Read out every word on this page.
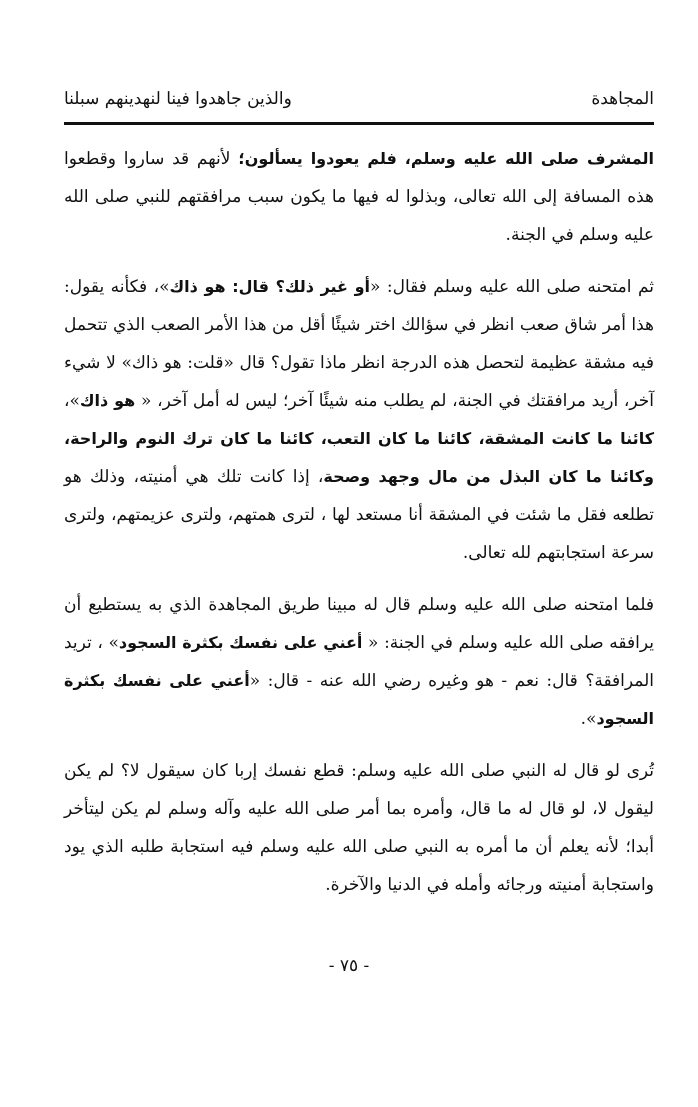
المجاهدة
والذين جاهدوا فينا لنهدينهم سبلنا

المشرف صلى الله عليه وسلم، فلم يعودوا يسألون؛ لأنهم قد ساروا وقطعوا هذه المسافة إلى الله تعالى، وبذلوا له فيها ما يكون سبب مرافقتهم للنبي صلى الله عليه وسلم في الجنة.

ثم امتحنه صلى الله عليه وسلم فقال: «أو غير ذلك؟ قال: هو ذاك»، فكأنه يقول: هذا أمر شاق صعب انظر في سؤالك اختر شيئًا أقل من هذا الأمر الصعب الذي تتحمل فيه مشقة عظيمة لتحصل هذه الدرجة انظر ماذا تقول؟ قال «قلت: هو ذاك» لا شيء آخر، أريد مرافقتك في الجنة، لم يطلب منه شيئًا آخر؛ ليس له أمل آخر، « هو ذاك»، كائنا ما كانت المشقة، كائنا ما كان التعب، كائنا ما كان ترك النوم والراحة، وكائنا ما كان البذل من مال وجهد وصحة، إذا كانت تلك هي أمنيته، وذلك هو تطلعه فقل ما شئت في المشقة أنا مستعد لها ، لترى همتهم، ولترى عزيمتهم، ولترى سرعة استجابتهم لله تعالى.

فلما امتحنه صلى الله عليه وسلم قال له مبينا طريق المجاهدة الذي به يستطيع أن يرافقه صلى الله عليه وسلم في الجنة: « أعني على نفسك بكثرة السجود» ، تريد المرافقة؟ قال: نعم - هو وغيره رضي الله عنه - قال: «أعني على نفسك بكثرة السجود».

تُرى لو قال له النبي صلى الله عليه وسلم: قطع نفسك إربا كان سيقول لا؟ لم يكن ليقول لا، لو قال له ما قال، وأمره بما أمر صلى الله عليه وآله وسلم لم يكن ليتأخر أبدا؛ لأنه يعلم أن ما أمره به النبي صلى الله عليه وسلم فيه استجابة طلبه الذي يود واستجابة أمنيته ورجائه وأمله في الدنيا والآخرة.

- ٧٥ -
